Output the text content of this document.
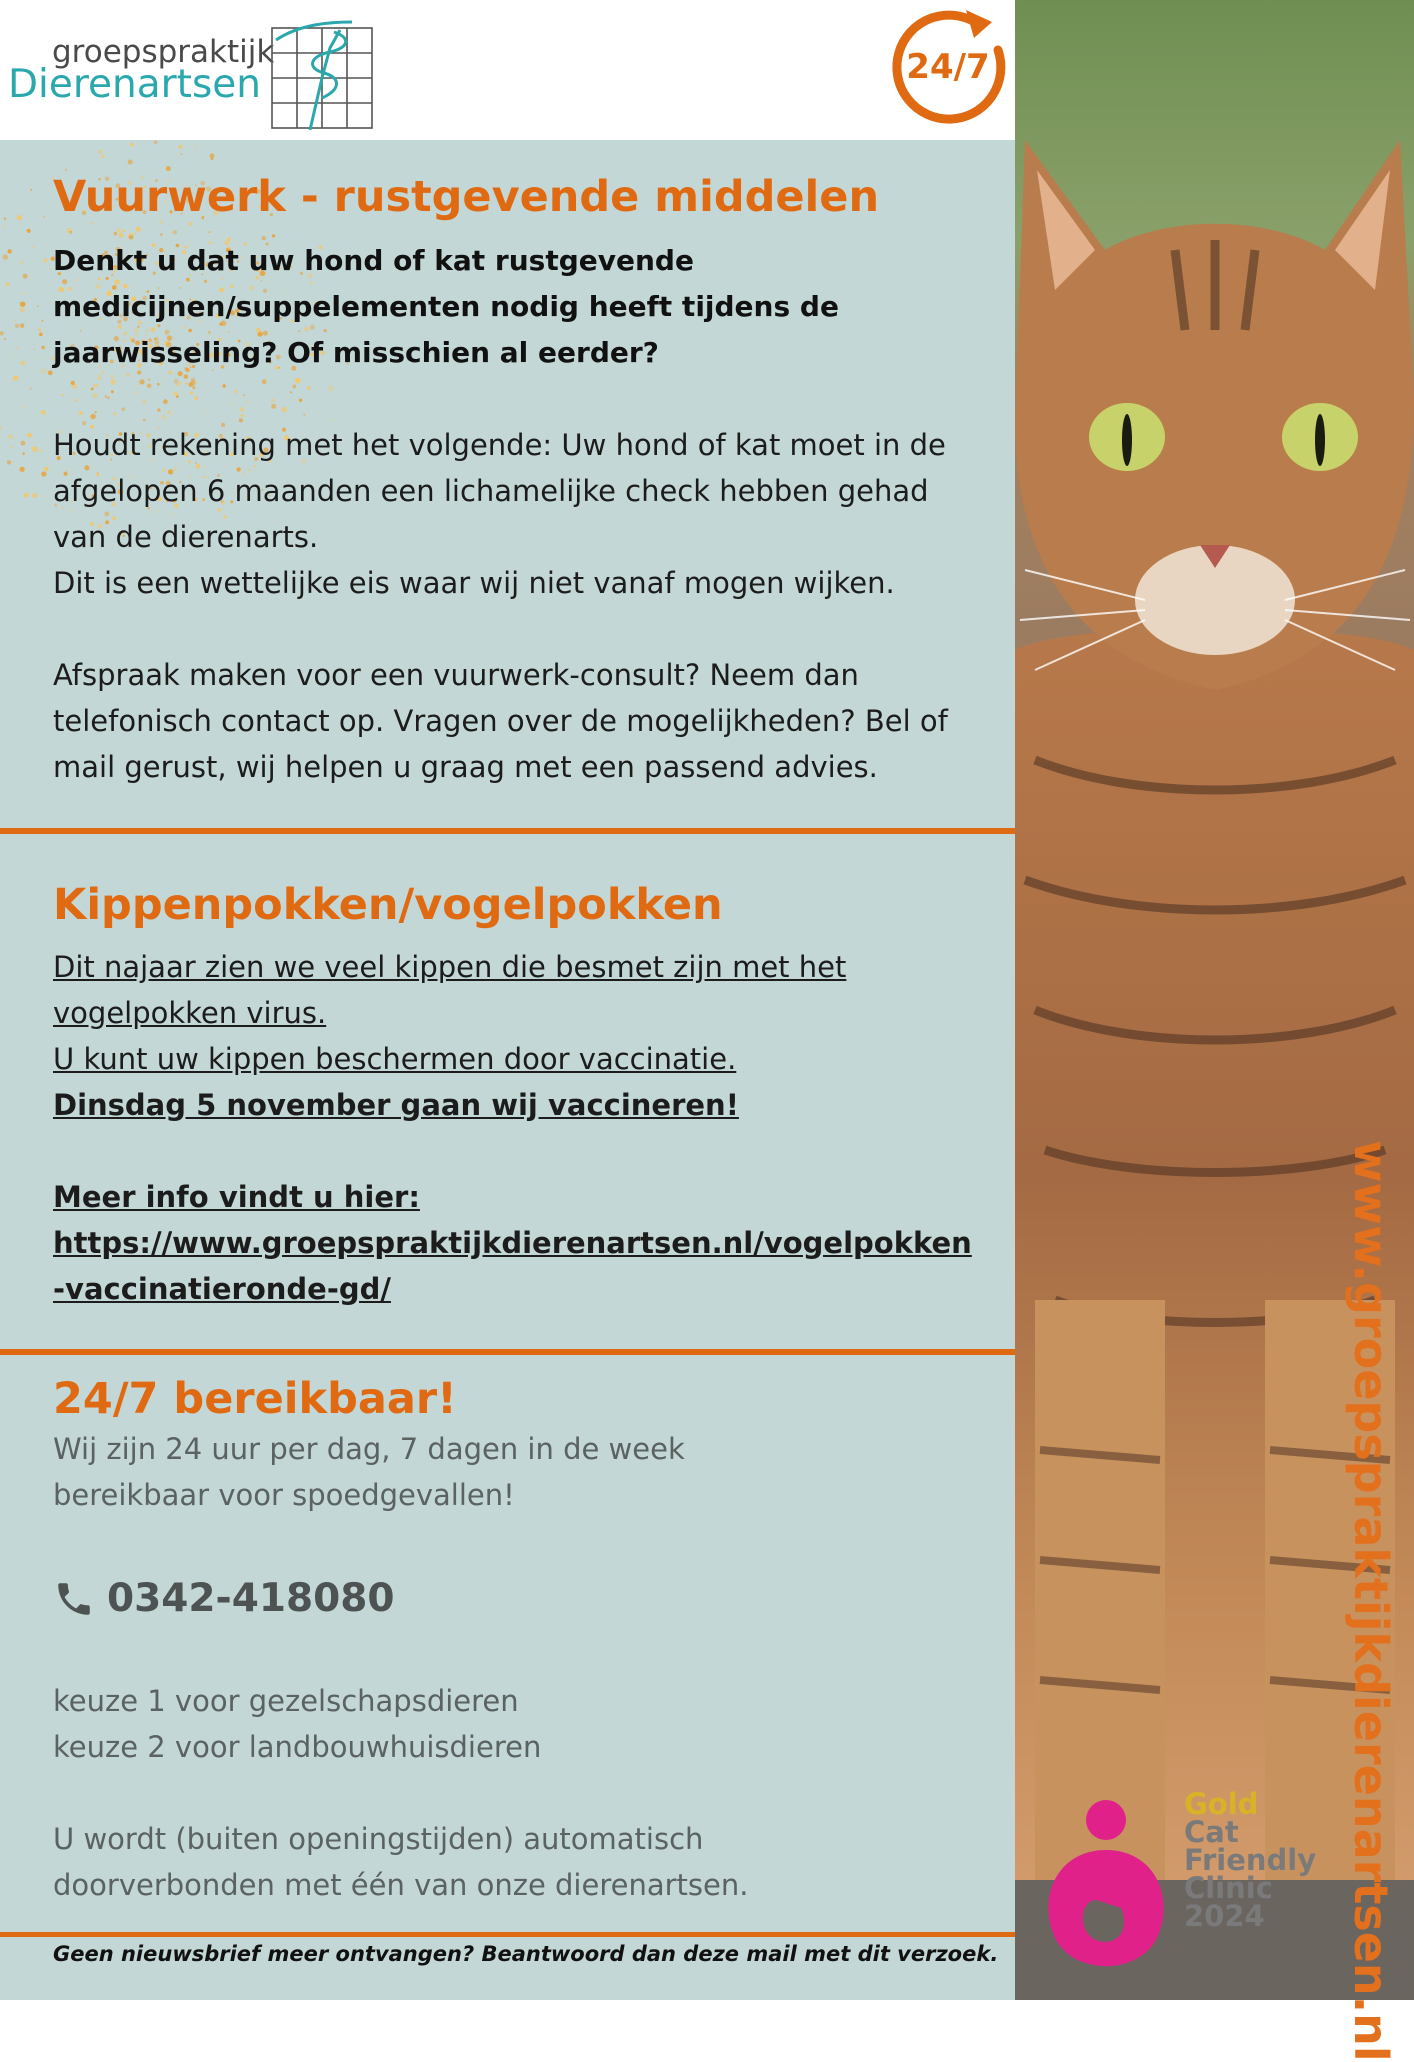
groepspraktijk
Dierenartsen	24/7
Vuurwerk - rustgevende middelen

Denkt u dat uw hond of kat rustgevende medicijnen/suppelementen nodig heeft tijdens de jaarwisseling? Of misschien al eerder?

Houdt rekening met het volgende: Uw hond of kat moet in de afgelopen 6 maanden een lichamelijke check hebben gehad van de dierenarts.

Dit is een wettelijke eis waar wij niet vanaf mogen wijken.

Afspraak maken voor een vuurwerk-consult? Neem dan telefonisch contact op. Vragen over de mogelijkheden? Bel of mail gerust, wij helpen u graag met een passend advies.

Kippenpokken/vogelpokken

Dit najaar zien we veel kippen die besmet zijn met het vogelpokken virus.

U kunt uw kippen beschermen door vaccinatie.

Dinsdag 5 november gaan wij vaccineren!

Meer info vindt u hier:

https://www.groepspraktijkdierenartsen.nl/vogelpokken-vaccinatieronde-gd/

24/7 bereikbaar!

Wij zijn 24 uur per dag, 7 dagen in de week bereikbaar voor spoedgevallen!

0342-418080

keuze 1 voor gezelschapsdieren

keuze 2 voor landbouwhuisdieren

U wordt (buiten openingstijden) automatisch doorverbonden met één van onze dierenartsen.

Geen nieuwsbrief meer ontvangen? Beantwoord dan deze mail met dit verzoek.	www.groepspraktijkdierenartsen.nl
Gold
Cat
Friendly
Clinic
2024
